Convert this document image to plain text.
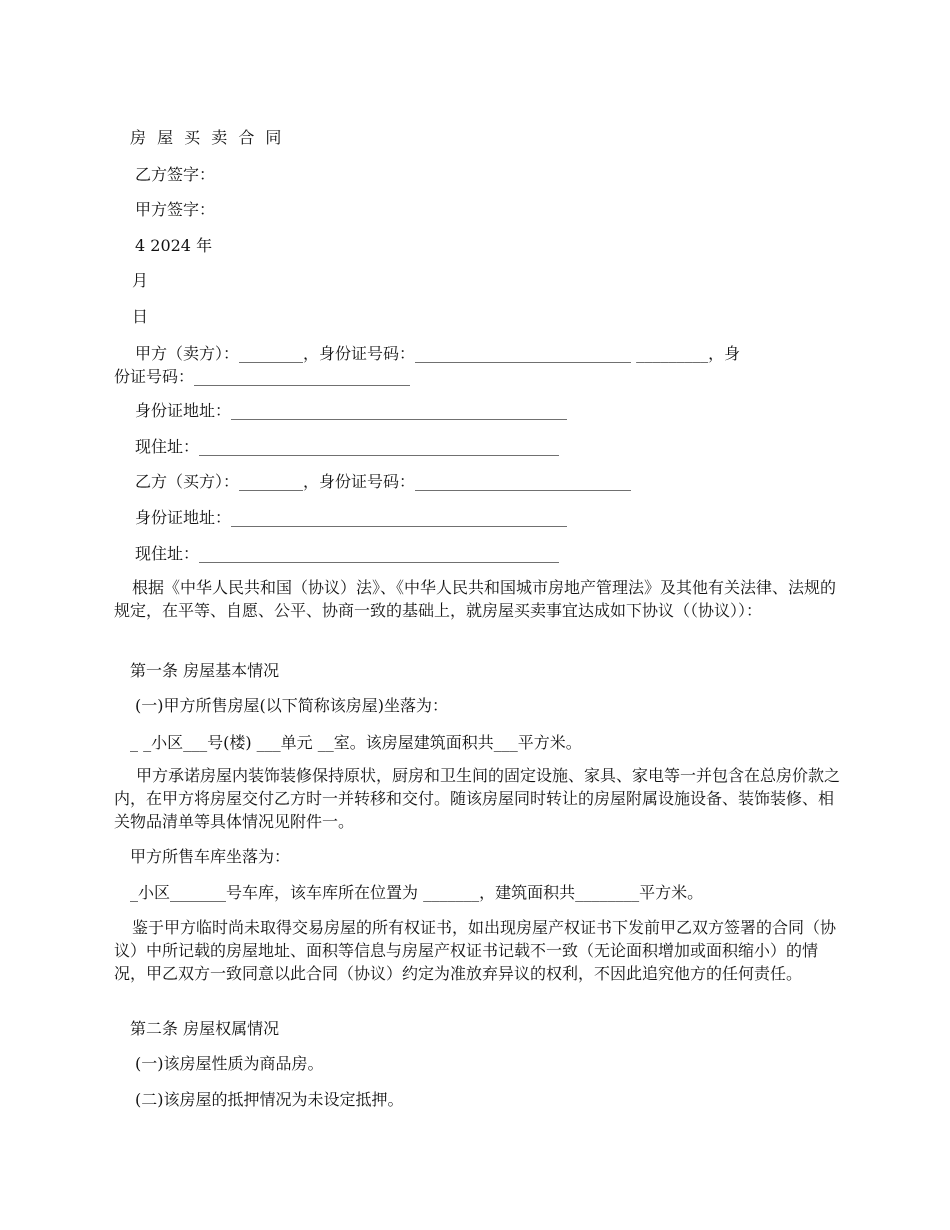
房 屋 买 卖 合 同
乙方签字：
甲方签字：
4 2024 年
月
日
甲方（卖方）：________，身份证号码：___________________________ _________，身
份证号码：___________________________
身份证地址：__________________________________________
现住址：_____________________________________________
乙方（买方）：________，身份证号码：___________________________
身份证地址：__________________________________________
现住址：_____________________________________________
根据《中华人民共和国（协议）法》、《中华人民共和国城市房地产管理法》及其他有关法律、法规的规定，在平等、自愿、公平、协商一致的基础上，就房屋买卖事宜达成如下协议（（协议））：
第一条 房屋基本情况
(一)甲方所售房屋(以下简称该房屋)坐落为：
_ _小区___号(楼) ___单元 __室。该房屋建筑面积共___平方米。
甲方承诺房屋内装饰装修保持原状，厨房和卫生间的固定设施、家具、家电等一并包含在总房价款之内，在甲方将房屋交付乙方时一并转移和交付。随该房屋同时转让的房屋附属设施设备、装饰装修、相关物品清单等具体情况见附件一。
甲方所售车库坐落为：
_小区_______号车库，该车库所在位置为 _______，建筑面积共________平方米。
鉴于甲方临时尚未取得交易房屋的所有权证书，如出现房屋产权证书下发前甲乙双方签署的合同（协议）中所记载的房屋地址、面积等信息与房屋产权证书记载不一致（无论面积增加或面积缩小）的情况，甲乙双方一致同意以此合同（协议）约定为准放弃异议的权利，不因此追究他方的任何责任。
第二条 房屋权属情况
(一)该房屋性质为商品房。
(二)该房屋的抵押情况为未设定抵押。
